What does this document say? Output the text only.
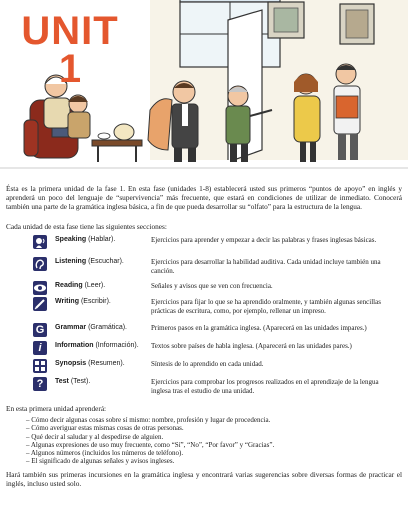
UNIT
1
Ésta es la primera unidad de la fase 1. En esta fase (unidades 1-8) establecerá usted sus primeros “puntos de apoyo” en inglés y aprenderá un poco del lenguaje de “supervivencia” más frecuente, que estará en condiciones de utilizar de inmediato. Conocerá también una parte de la gramática inglesa básica, a fin de que pueda desarrollar su “olfato” para la estructura de la lengua.
Cada unidad de esta fase tiene las siguientes secciones:
Speaking (Hablar).	Ejercicios para aprender y empezar a decir las palabras y frases inglesas básicas.
Listening (Escuchar).	Ejercicios para desarrollar la habilidad auditiva. Cada unidad incluye también una canción.
Reading (Leer).	Señales y avisos que se ven con frecuencia.
Writing (Escribir).	Ejercicios para fijar lo que se ha aprendido oralmente, y también algunas sencillas prácticas de escritura, como, por ejemplo, rellenar un impreso.
G	Grammar (Gramática).	Primeros pasos en la gramática inglesa. (Aparecerá en las unidades impares.)
i	Information (Información).	Textos sobre países de habla inglesa. (Aparecerá en las unidades pares.)
Synopsis (Resumen).	Síntesis de lo aprendido en cada unidad.
?	Test (Test).	Ejercicios para comprobar los progresos realizados en el aprendizaje de la lengua inglesa tras el estudio de una unidad.
En esta primera unidad aprenderá:
– Cómo decir algunas cosas sobre sí mismo: nombre, profesión y lugar de procedencia.
– Cómo averiguar estas mismas cosas de otras personas.
– Qué decir al saludar y al despedirse de alguien.
– Algunas expresiones de uso muy frecuente, como “Sí”, “No”, “Por favor” y “Gracias”.
– Algunos números (incluidos los números de teléfono).
– El significado de algunas señales y avisos ingleses.
Hará también sus primeras incursiones en la gramática inglesa y encontrará varias sugerencias sobre diversas formas de practicar el inglés, incluso usted solo.
